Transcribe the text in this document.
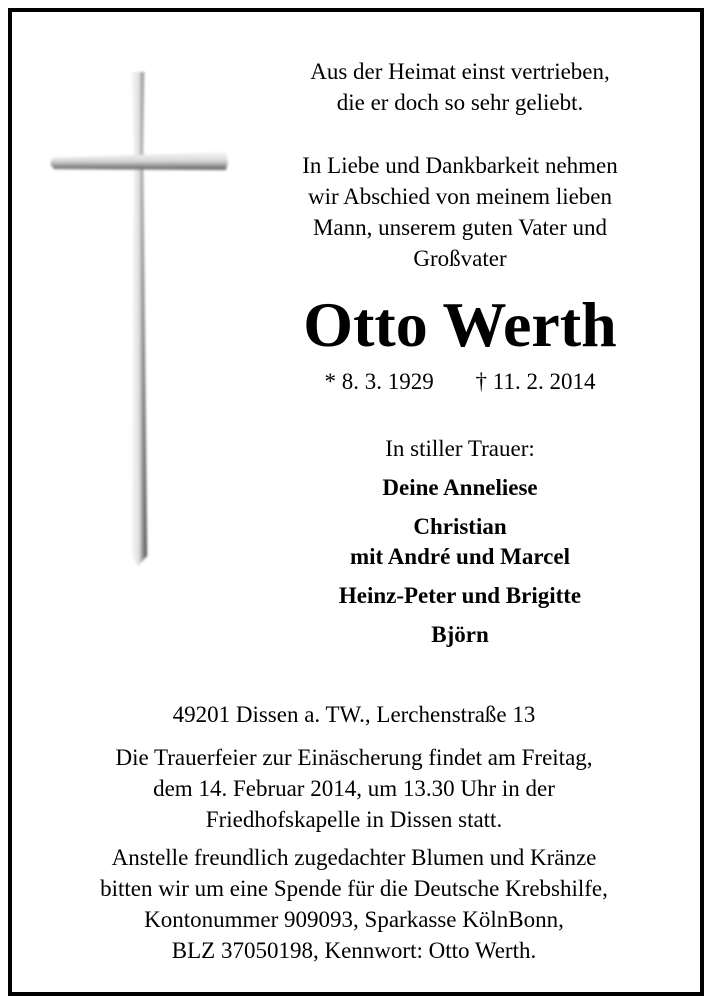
Aus der Heimat einst vertrieben,
die er doch so sehr geliebt.
In Liebe und Dankbarkeit nehmen
wir Abschied von meinem lieben
Mann, unserem guten Vater und
Großvater
Otto Werth
* 8. 3. 1929 † 11. 2. 2014
In stiller Trauer:
Deine Anneliese
Christian
mit André und Marcel
Heinz-Peter und Brigitte
Björn
49201 Dissen a. TW., Lerchenstraße 13
Die Trauerfeier zur Einäscherung findet am Freitag,
dem 14. Februar 2014, um 13.30 Uhr in der
Friedhofskapelle in Dissen statt.
Anstelle freundlich zugedachter Blumen und Kränze
bitten wir um eine Spende für die Deutsche Krebshilfe,
Kontonummer 909093, Sparkasse KölnBonn,
BLZ 37050198, Kennwort: Otto Werth.
